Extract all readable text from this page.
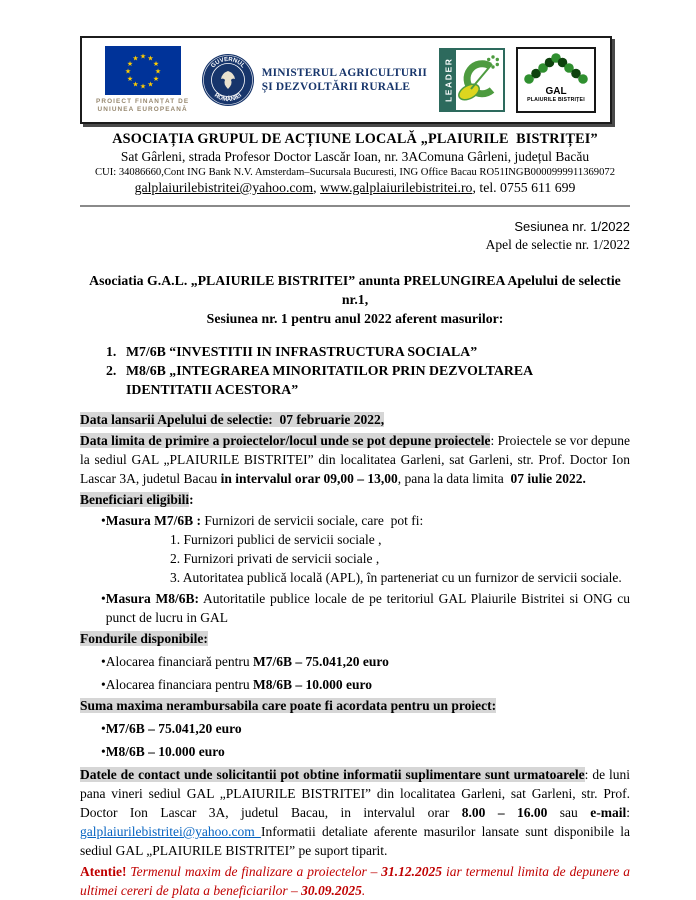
★ ★
★
★
★
★
★
★
★
★
★
★
PROIECT FINANȚAT DE
UNIUNEA EUROPEANĂ
GUVERNUL
ROMÂNIEI
MINISTERUL AGRICULTURII
ȘI DEZVOLTĂRII RURALE	LEADER	GAL
PLAIURILE BISTRIȚEI
ASOCIAȚIA GRUPUL DE ACȚIUNE LOCALĂ „PLAIURILE  BISTRIȚEI”
Sat Gârleni, strada Profesor Doctor Lascăr Ioan, nr. 3AComuna Gârleni, județul Bacău
CUI: 34086660,Cont ING Bank N.V. Amsterdam–Sucursala Bucuresti, ING Office Bacau RO51INGB0000999911369072
galplaiurilebistritei@yahoo.com, www.galplaiurilebistritei.ro, tel. 0755 611 699
Sesiunea nr. 1/2022
Apel de selectie nr. 1/2022
Asociatia G.A.L. „PLAIURILE BISTRITEI” anunta PRELUNGIREA Apelului de selectie nr.1,
Sesiunea nr. 1 pentru anul 2022 aferent masurilor:
1. M7/6B “INVESTITII IN INFRASTRUCTURA SOCIALA”
2. M8/6B „INTEGRAREA MINORITATILOR PRIN DEZVOLTAREA IDENTITATII ACESTORA”
Data lansarii Apelului de selectie:  07 februarie 2022,
Data limita de primire a proiectelor/locul unde se pot depune proiectele: Proiectele se vor depune la sediul GAL „PLAIURILE BISTRITEI” din localitatea Garleni, sat Garleni, str. Prof. Doctor Ion Lascar 3A, judetul Bacau in intervalul orar 09,00 – 13,00, pana la data limita  07 iulie 2022.
Beneficiari eligibili:
• Masura M7/6B : Furnizori de servicii sociale, care  pot fi:
1. Furnizori publici de servicii sociale ,
2. Furnizori privati de servicii sociale ,
3. Autoritatea publică locală (APL), în parteneriat cu un furnizor de servicii sociale.
• Masura M8/6B: Autoritatile publice locale de pe teritoriul GAL Plaiurile Bistritei si ONG cu punct de lucru in GAL
Fondurile disponibile:
• Alocarea financiară pentru M7/6B – 75.041,20 euro
• Alocarea financiara pentru M8/6B – 10.000 euro
Suma maxima nerambursabila care poate fi acordata pentru un proiect:
• M7/6B – 75.041,20 euro
• M8/6B – 10.000 euro
Datele de contact unde solicitantii pot obtine informatii suplimentare sunt urmatoarele: de luni pana vineri sediul GAL „PLAIURILE BISTRITEI” din localitatea Garleni, sat Garleni, str. Prof. Doctor Ion Lascar 3A, judetul Bacau, in intervalul orar 8.00 – 16.00 sau e-mail: galplaiurilebistritei@yahoo.com Informatii detaliate aferente masurilor lansate sunt disponibile la sediul GAL „PLAIURILE BISTRITEI” pe suport tiparit.
Atentie! Termenul maxim de finalizare a proiectelor – 31.12.2025 iar termenul limita de depunere a ultimei cereri de plata a beneficiarilor – 30.09.2025.
